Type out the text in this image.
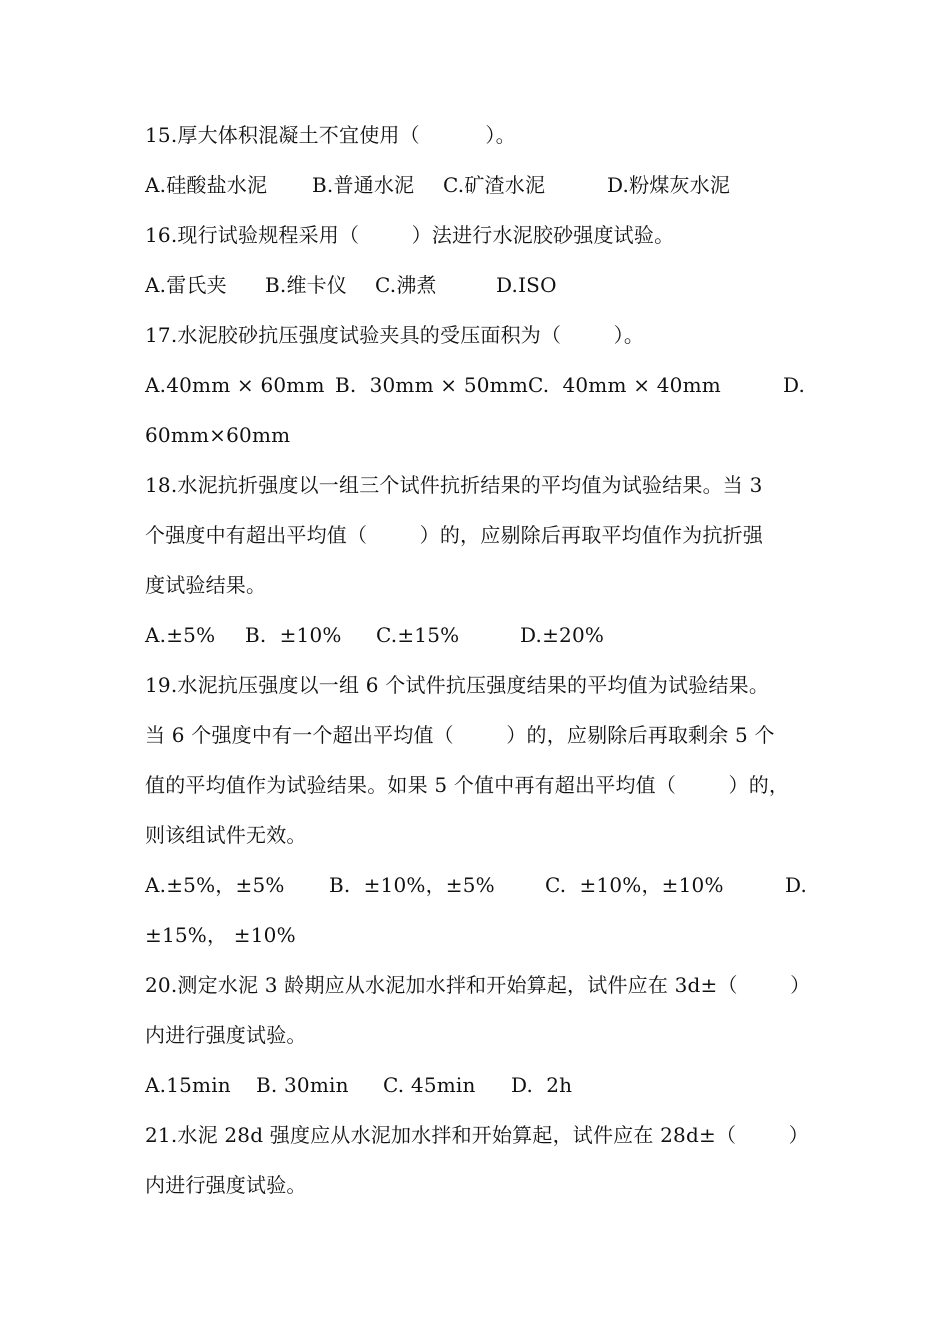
15.厚大体积混凝土不宜使用（          ）。
A.硅酸盐水泥	B.普通水泥	C.矿渣水泥	D.粉煤灰水泥
16.现行试验规程采用（        ）法进行水泥胶砂强度试验。
A.雷氏夹	B.维卡仪	C.沸煮	D.ISO
17.水泥胶砂抗压强度试验夹具的受压面积为（        ）。
A.40mm × 60mm B.  30mm × 50mm C.  40mm × 40mm	D.
60mm×60mm
18.水泥抗折强度以一组三个试件抗折结果的平均值为试验结果。当 3
个强度中有超出平均值（        ）的，应剔除后再取平均值作为抗折强
度试验结果。
A.±5%	B.  ±10%	C.±15%	D.±20%
19.水泥抗压强度以一组 6 个试件抗压强度结果的平均值为试验结果。
当 6 个强度中有一个超出平均值（        ）的，应剔除后再取剩余 5 个
值的平均值作为试验结果。如果 5 个值中再有超出平均值（        ）的，
则该组试件无效。
A.±5%，±5%	B.  ±10%，±5%	C.  ±10%，±10%	D.
±15%， ±10%
20.测定水泥 3 龄期应从水泥加水拌和开始算起，试件应在 3d±（        ）
内进行强度试验。
A.15min	B. 30min	C. 45min	D.  2h
21.水泥 28d 强度应从水泥加水拌和开始算起，试件应在 28d±（        ）
内进行强度试验。
